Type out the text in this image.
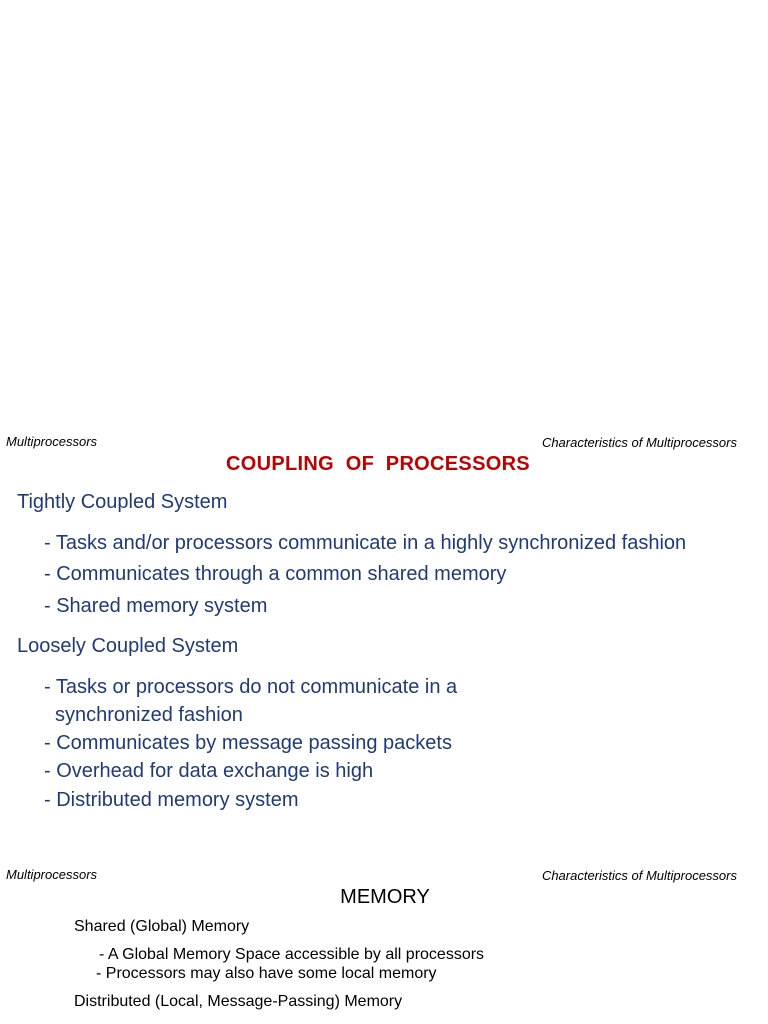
Multiprocessors	Characteristics of Multiprocessors
COUPLING  OF  PROCESSORS
Tightly Coupled System
- Tasks and/or processors communicate in a highly synchronized fashion
- Communicates through a common shared memory
- Shared memory system
Loosely Coupled System
- Tasks or processors do not communicate in a
synchronized fashion
- Communicates by message passing packets
- Overhead for data exchange is high
- Distributed memory system
Multiprocessors	Characteristics of Multiprocessors
MEMORY
Shared (Global) Memory
- A Global Memory Space accessible by all processors
- Processors may also have some local memory
Distributed (Local, Message-Passing) Memory
